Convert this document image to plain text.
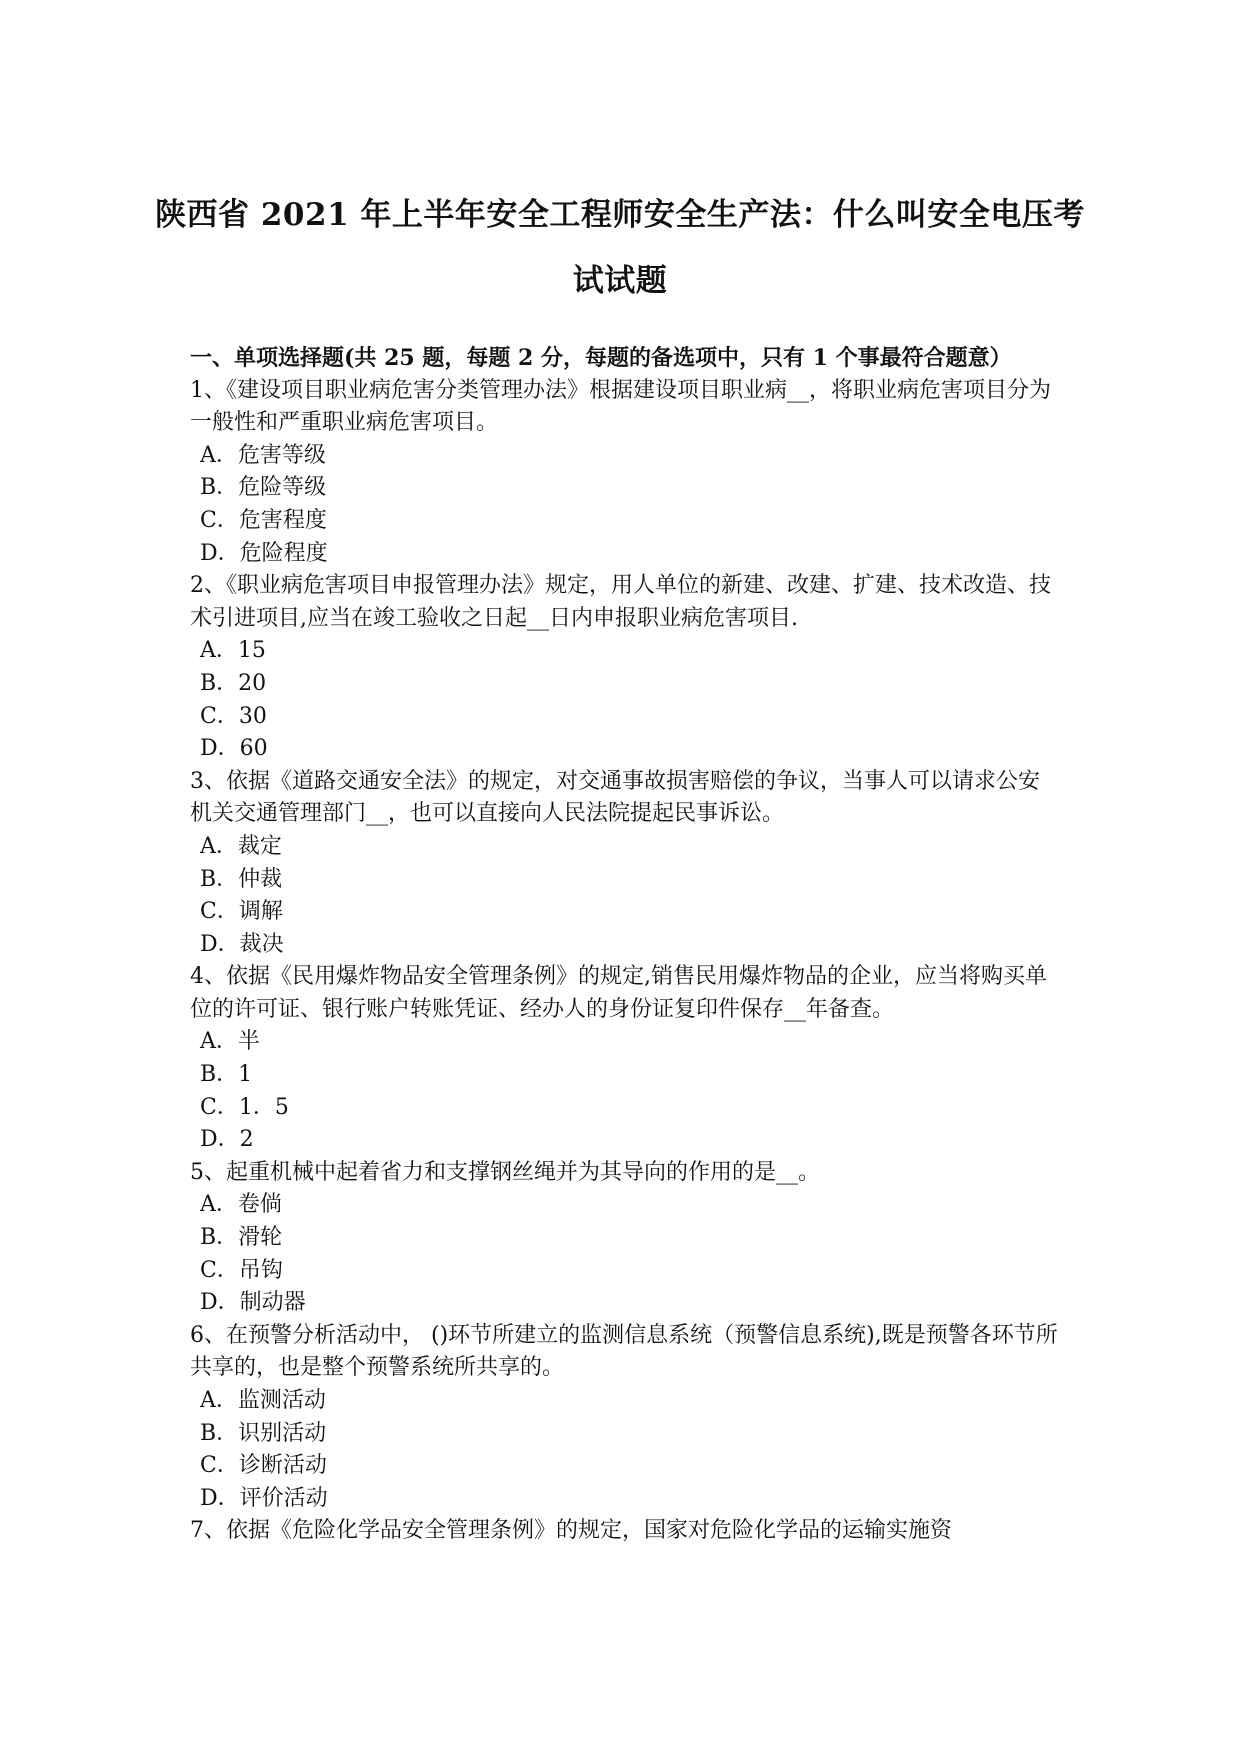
陕西省 2021 年上半年安全工程师安全生产法：什么叫安全电压考试试题

一、单项选择题(共 25 题，每题 2 分，每题的备选项中，只有 1 个事最符合题意）

1、《建设项目职业病危害分类管理办法》根据建设项目职业病__，将职业病危害项目分为一般性和严重职业病危害项目。

A．危害等级
B．危险等级
C．危害程度
D．危险程度

2、《职业病危害项目申报管理办法》规定，用人单位的新建、改建、扩建、技术改造、技术引进项目,应当在竣工验收之日起__日内申报职业病危害项目.

A．15
B．20
C．30
D．60

3、依据《道路交通安全法》的规定，对交通事故损害赔偿的争议，当事人可以请求公安机关交通管理部门__，也可以直接向人民法院提起民事诉讼。

A．裁定
B．仲裁
C．调解
D．裁决

4、依据《民用爆炸物品安全管理条例》的规定,销售民用爆炸物品的企业，应当将购买单位的许可证、银行账户转账凭证、经办人的身份证复印件保存__年备查。

A．半
B．1
C．1．5
D．2

5、起重机械中起着省力和支撑钢丝绳并为其导向的作用的是__。

A．卷倘
B．滑轮
C．吊钩
D．制动器

6、在预警分析活动中， ()环节所建立的监测信息系统（预警信息系统),既是预警各环节所共享的，也是整个预警系统所共享的。

A．监测活动
B．识别活动
C．诊断活动
D．评价活动

7、依据《危险化学品安全管理条例》的规定，国家对危险化学品的运输实施资
